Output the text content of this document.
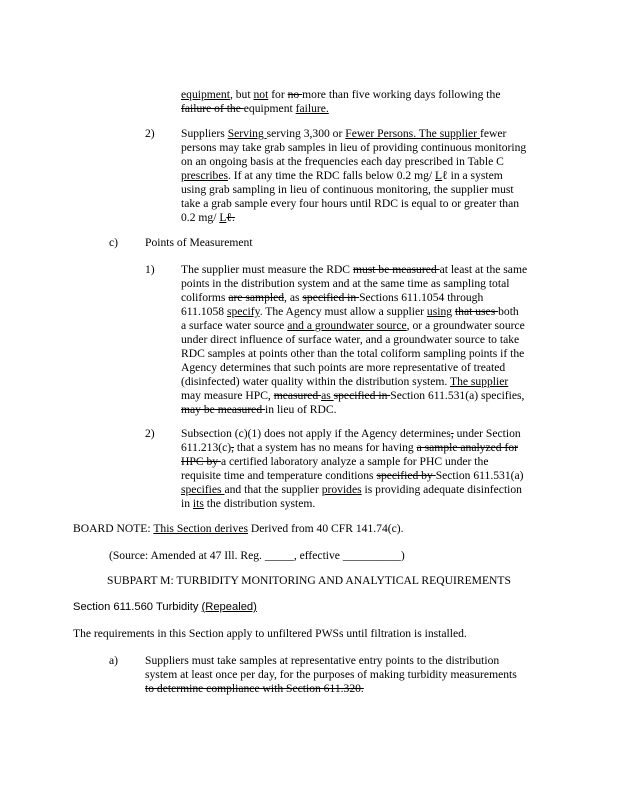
equipment, but not for no more than five working days following the

failure of the equipment failure.

2) Suppliers Serving serving 3,300 or Fewer Persons. The supplier fewer

persons may take grab samples in lieu of providing continuous monitoring

on an ongoing basis at the frequencies each day prescribed in Table C

prescribes. If at any time the RDC falls below 0.2 mg/ Lℓ in a system

using grab sampling in lieu of continuous monitoring, the supplier must

take a grab sample every four hours until RDC is equal to or greater than

0.2 mg/ Lℓ.

c) Points of Measurement

1) The supplier must measure the RDC must be measured at least at the same

points in the distribution system and at the same time as sampling total

coliforms are sampled, as specified in Sections 611.1054 through

611.1058 specify. The Agency must allow a supplier using that uses both

a surface water source and a groundwater source, or a groundwater source

under direct influence of surface water, and a groundwater source to take

RDC samples at points other than the total coliform sampling points if the

Agency determines that such points are more representative of treated

(disinfected) water quality within the distribution system. The supplier

may measure HPC, measured as specified in Section 611.531(a) specifies,

may be measured in lieu of RDC.

2) Subsection (c)(1) does not apply if the Agency determines, under Section

611.213(c), that a system has no means for having a sample analyzed for

HPC by a certified laboratory analyze a sample for PHC under the

requisite time and temperature conditions specified by Section 611.531(a)

specifies and that the supplier provides is providing adequate disinfection

in its the distribution system.

BOARD NOTE: This Section derives Derived from 40 CFR 141.74(c).

(Source: Amended at 47 Ill. Reg. _____, effective __________)

SUBPART M: TURBIDITY MONITORING AND ANALYTICAL REQUIREMENTS

Section 611.560 Turbidity (Repealed)

The requirements in this Section apply to unfiltered PWSs until filtration is installed.

a) Suppliers must take samples at representative entry points to the distribution

system at least once per day, for the purposes of making turbidity measurements

to determine compliance with Section 611.320.
